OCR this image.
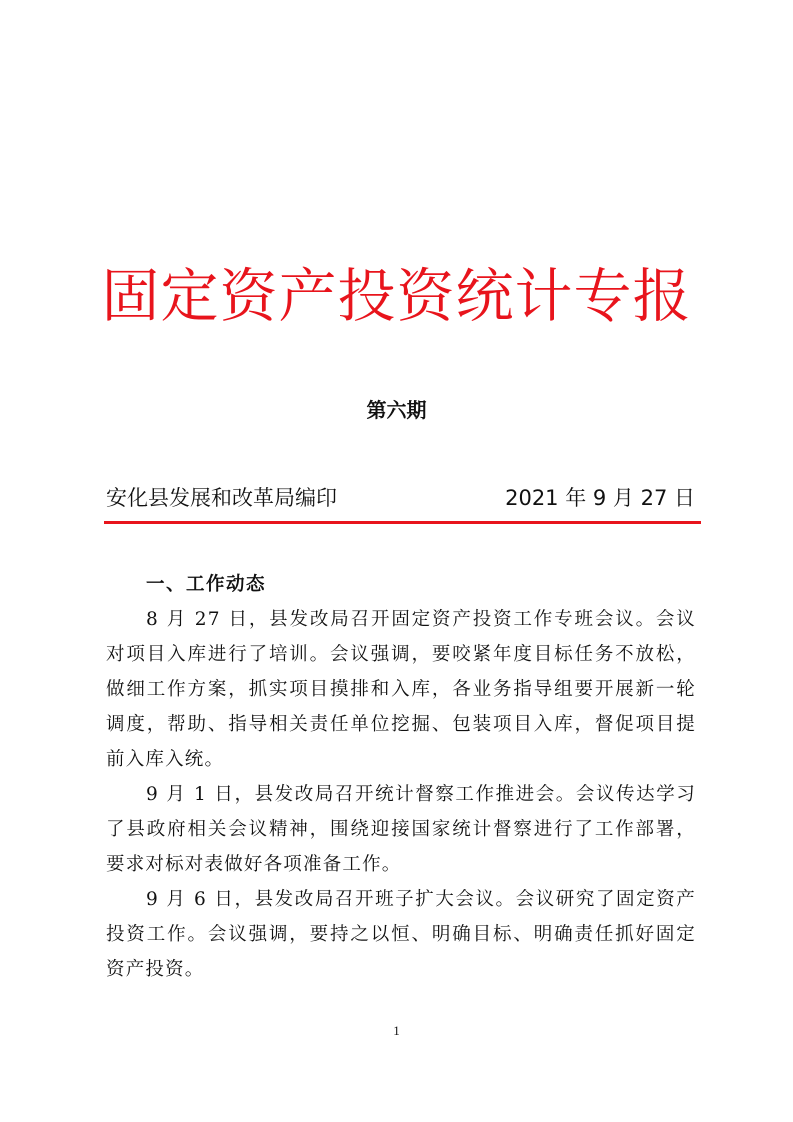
固定资产投资统计专报
第六期
安化县发展和改革局编印	2021 年 9 月 27 日

一、工作动态

8 月 27 日，县发改局召开固定资产投资工作专班会议。会议对项目入库进行了培训。会议强调，要咬紧年度目标任务不放松，做细工作方案，抓实项目摸排和入库，各业务指导组要开展新一轮调度，帮助、指导相关责任单位挖掘、包装项目入库，督促项目提前入库入统。

9 月 1 日，县发改局召开统计督察工作推进会。会议传达学习了县政府相关会议精神，围绕迎接国家统计督察进行了工作部署，要求对标对表做好各项准备工作。

9 月 6 日，县发改局召开班子扩大会议。会议研究了固定资产投资工作。会议强调，要持之以恒、明确目标、明确责任抓好固定资产投资。

1
